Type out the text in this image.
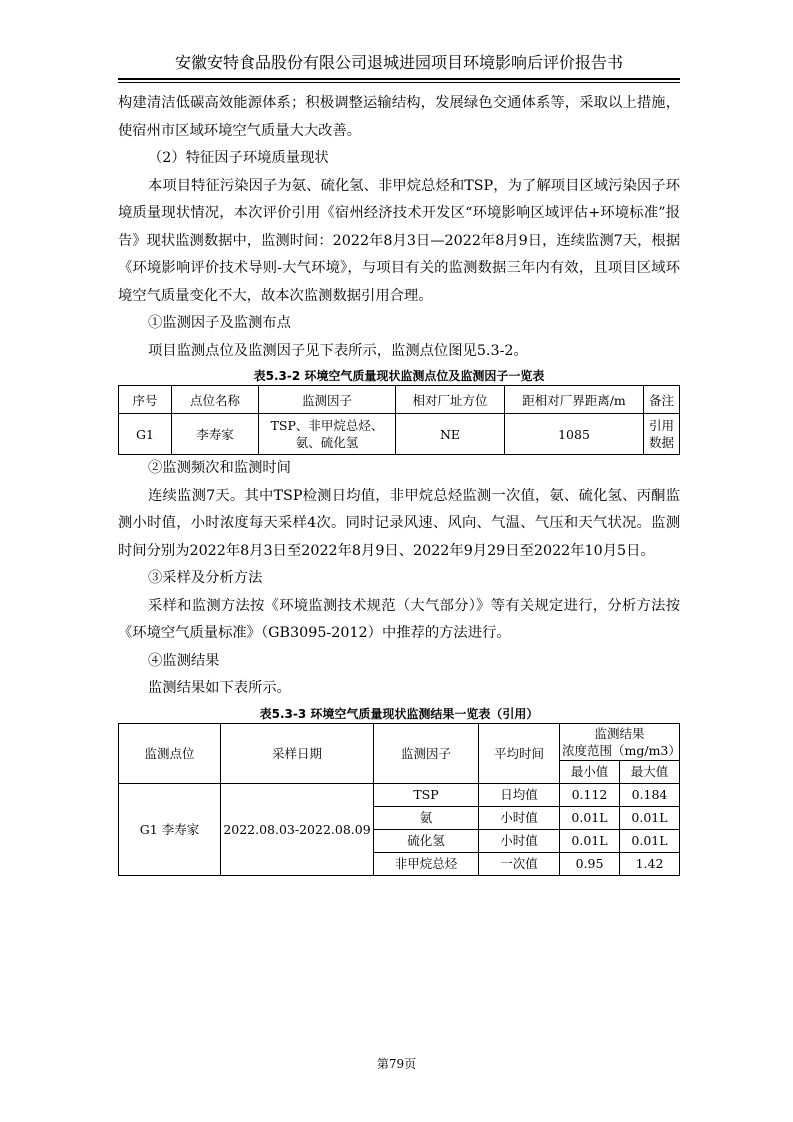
安徽安特食品股份有限公司退城进园项目环境影响后评价报告书

构建清洁低碳高效能源体系；积极调整运输结构，发展绿色交通体系等，采取以上措施，使宿州市区域环境空气质量大大改善。

（2）特征因子环境质量现状

本项目特征污染因子为氨、硫化氢、非甲烷总烃和TSP，为了解项目区域污染因子环境质量现状情况，本次评价引用《宿州经济技术开发区“环境影响区域评估+环境标准”报告》现状监测数据中，监测时间：2022年8月3日—2022年8月9日，连续监测7天，根据《环境影响评价技术导则-大气环境》，与项目有关的监测数据三年内有效，且项目区域环境空气质量变化不大，故本次监测数据引用合理。

①监测因子及监测布点

项目监测点位及监测因子见下表所示，监测点位图见5.3-2。

表5.3-2 环境空气质量现状监测点位及监测因子一览表
序号	点位名称	监测因子	相对厂址方位	距相对厂界距离/m	备注
G1	李寿家	TSP、非甲烷总烃、
氨、硫化氢	NE	1085	引用数据

②监测频次和监测时间

连续监测7天。其中TSP检测日均值，非甲烷总烃监测一次值，氨、硫化氢、丙酮监测小时值，小时浓度每天采样4次。同时记录风速、风向、气温、气压和天气状况。监测时间分别为2022年8月3日至2022年8月9日、2022年9月29日至2022年10月5日。

③采样及分析方法

采样和监测方法按《环境监测技术规范（大气部分）》等有关规定进行，分析方法按《环境空气质量标准》（GB3095-2012）中推荐的方法进行。

④监测结果

监测结果如下表所示。

表5.3-3 环境空气质量现状监测结果一览表（引用）
监测点位	采样日期	监测因子	平均时间	监测结果
浓度范围（mg/m3）	
				最小值	最大值
G1 李寿家	2022.08.03-2022.08.09	TSP	日均值	0.112	0.184
		氨	小时值	0.01L	0.01L
		硫化氢	小时值	0.01L	0.01L
		非甲烷总烃	一次值	0.95	1.42
第79页
